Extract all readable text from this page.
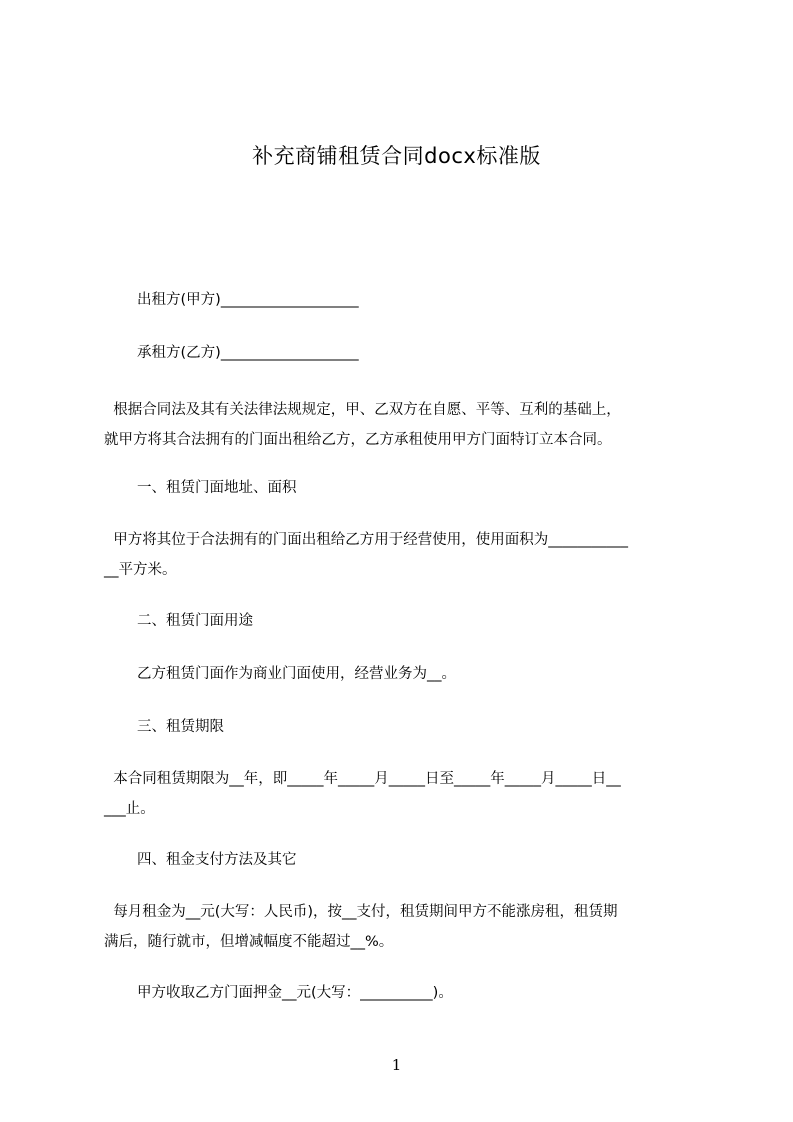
补充商铺租赁合同docx标准版
出租方(甲方)___________________
承租方(乙方)___________________
根据合同法及其有关法律法规规定，甲、乙双方在自愿、平等、互利的基础上，
就甲方将其合法拥有的门面出租给乙方，乙方承租使用甲方门面特订立本合同。
一、租赁门面地址、面积
甲方将其位于合法拥有的门面出租给乙方用于经营使用，使用面积为___________
__平方米。
二、租赁门面用途
乙方租赁门面作为商业门面使用，经营业务为__。
三、租赁期限
本合同租赁期限为__年，即_____年_____月_____日至_____年_____月_____日__
___止。
四、租金支付方法及其它
每月租金为__元(大写：人民币)，按__支付，租赁期间甲方不能涨房租，租赁期
满后，随行就市，但增减幅度不能超过__%。
甲方收取乙方门面押金__元(大写：__________)。
1
